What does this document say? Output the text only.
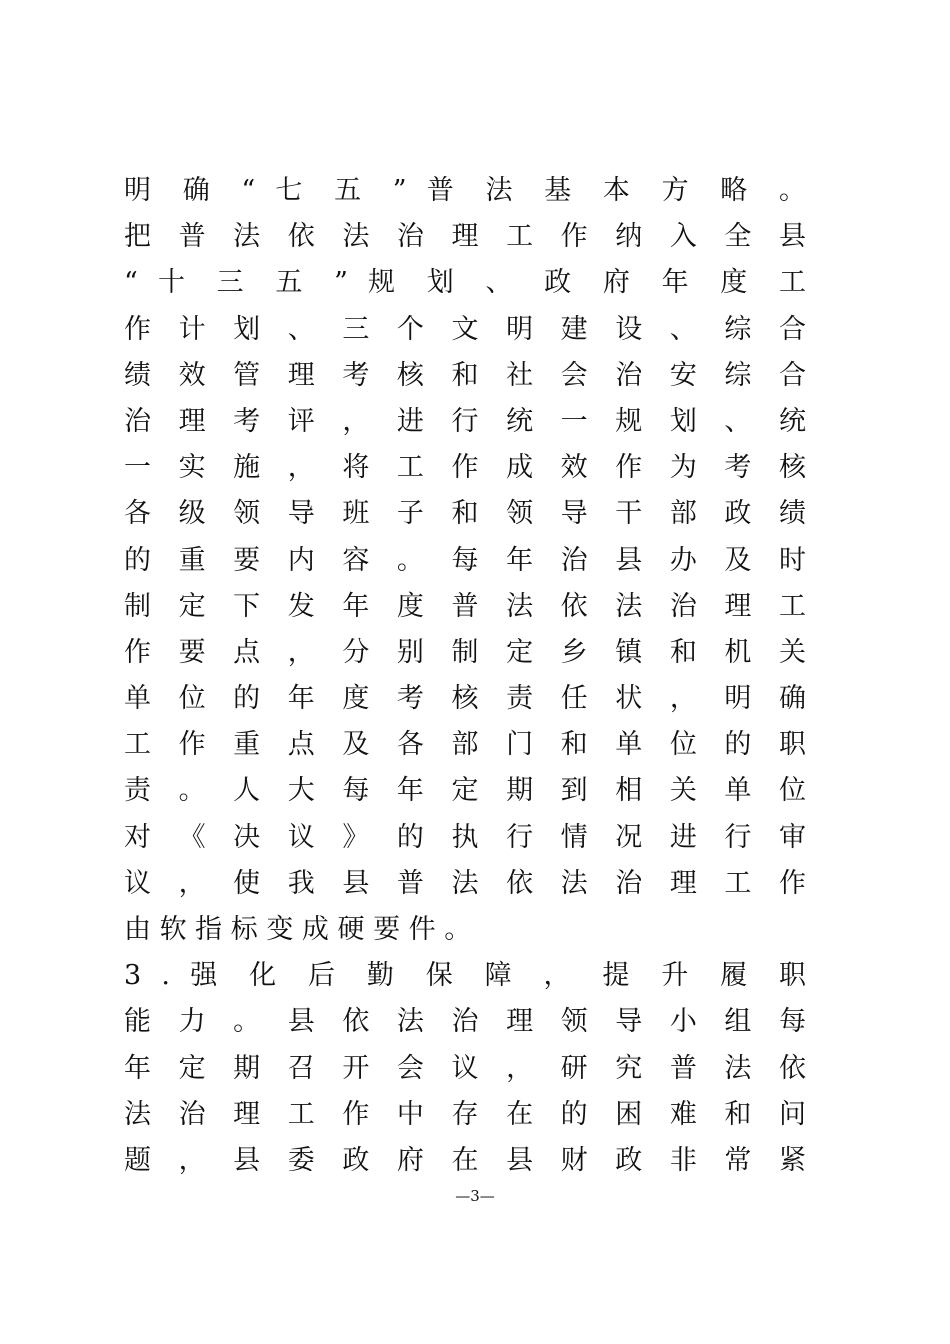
明 确 “ 七 五 ” 普 法 基 本 方 略 。
把 普 法 依 法 治 理 工 作 纳 入 全 县
“ 十 三 五 ” 规 划 、 政 府 年 度 工
作 计 划 、 三 个 文 明 建 设 、 综 合
绩 效 管 理 考 核 和 社 会 治 安 综 合
治 理 考 评 ， 进 行 统 一 规 划 、 统
一 实 施 ， 将 工 作 成 效 作 为 考 核
各 级 领 导 班 子 和 领 导 干 部 政 绩
的 重 要 内 容 。 每 年 治 县 办 及 时
制 定 下 发 年 度 普 法 依 法 治 理 工
作 要 点 ， 分 别 制 定 乡 镇 和 机 关
单 位 的 年 度 考 核 责 任 状 ， 明 确
工 作 重 点 及 各 部 门 和 单 位 的 职
责 。 人 大 每 年 定 期 到 相 关 单 位
对 《 决 议 》 的 执 行 情 况 进 行 审
议 ， 使 我 县 普 法 依 法 治 理 工 作
由 软 指 标 变 成 硬 要 件 。
3 . 强 化 后 勤 保 障 ， 提 升 履 职
能 力 。 县 依 法 治 理 领 导 小 组 每
年 定 期 召 开 会 议 ， 研 究 普 法 依
法 治 理 工 作 中 存 在 的 困 难 和 问
题 ， 县 委 政 府 在 县 财 政 非 常 紧
—3—
